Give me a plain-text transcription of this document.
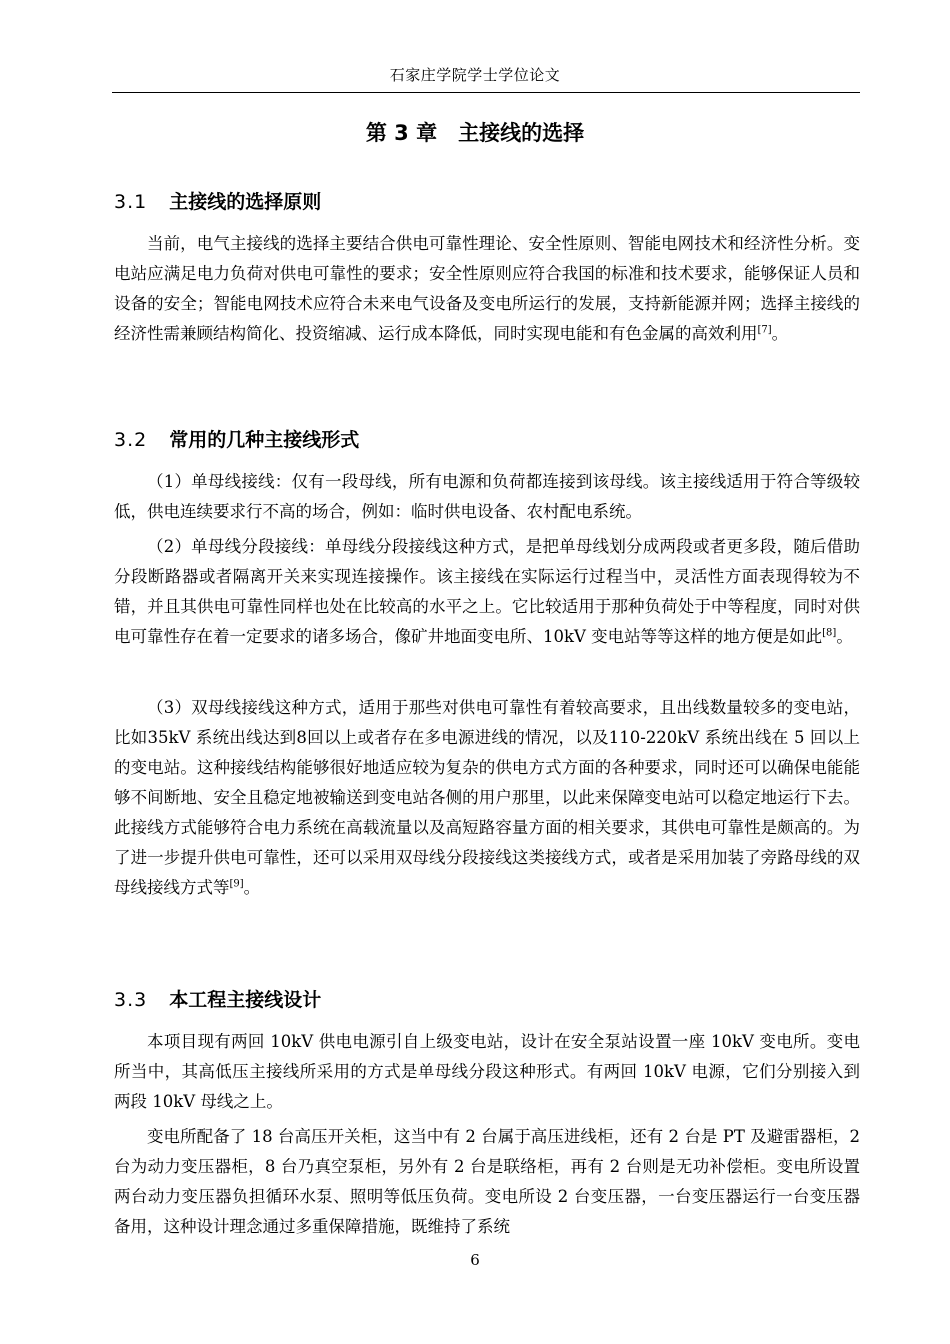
石家庄学院学士学位论文
第 3 章　主接线的选择
3.1 主接线的选择原则
当前，电气主接线的选择主要结合供电可靠性理论、安全性原则、智能电网技术和经济性分析。变电站应满足电力负荷对供电可靠性的要求；安全性原则应符合我国的标准和技术要求，能够保证人员和设备的安全；智能电网技术应符合未来电气设备及变电所运行的发展，支持新能源并网；选择主接线的经济性需兼顾结构简化、投资缩减、运行成本降低，同时实现电能和有色金属的高效利用[7]。
3.2 常用的几种主接线形式
（1）单母线接线：仅有一段母线，所有电源和负荷都连接到该母线。该主接线适用于符合等级较低，供电连续要求行不高的场合，例如：临时供电设备、农村配电系统。
（2）单母线分段接线：单母线分段接线这种方式，是把单母线划分成两段或者更多段，随后借助分段断路器或者隔离开关来实现连接操作。该主接线在实际运行过程当中，灵活性方面表现得较为不错，并且其供电可靠性同样也处在比较高的水平之上。它比较适用于那种负荷处于中等程度，同时对供电可靠性存在着一定要求的诸多场合，像矿井地面变电所、10kV 变电站等等这样的地方便是如此[8]。
（3）双母线接线这种方式，适用于那些对供电可靠性有着较高要求，且出线数量较多的变电站，比如35kV 系统出线达到8回以上或者存在多电源进线的情况，以及110-220kV 系统出线在 5 回以上的变电站。这种接线结构能够很好地适应较为复杂的供电方式方面的各种要求，同时还可以确保电能能够不间断地、安全且稳定地被输送到变电站各侧的用户那里，以此来保障变电站可以稳定地运行下去。此接线方式能够符合电力系统在高载流量以及高短路容量方面的相关要求，其供电可靠性是颇高的。为了进一步提升供电可靠性，还可以采用双母线分段接线这类接线方式，或者是采用加装了旁路母线的双母线接线方式等[9]。
3.3 本工程主接线设计
本项目现有两回 10kV 供电电源引自上级变电站，设计在安全泵站设置一座 10kV 变电所。变电所当中，其高低压主接线所采用的方式是单母线分段这种形式。有两回 10kV 电源，它们分别接入到两段 10kV 母线之上。
变电所配备了 18 台高压开关柜，这当中有 2 台属于高压进线柜，还有 2 台是 PT 及避雷器柜，2 台为动力变压器柜，8 台乃真空泵柜，另外有 2 台是联络柜，再有 2 台则是无功补偿柜。变电所设置两台动力变压器负担循环水泵、照明等低压负荷。变电所设 2 台变压器，一台变压器运行一台变压器备用，这种设计理念通过多重保障措施，既维持了系统
6
